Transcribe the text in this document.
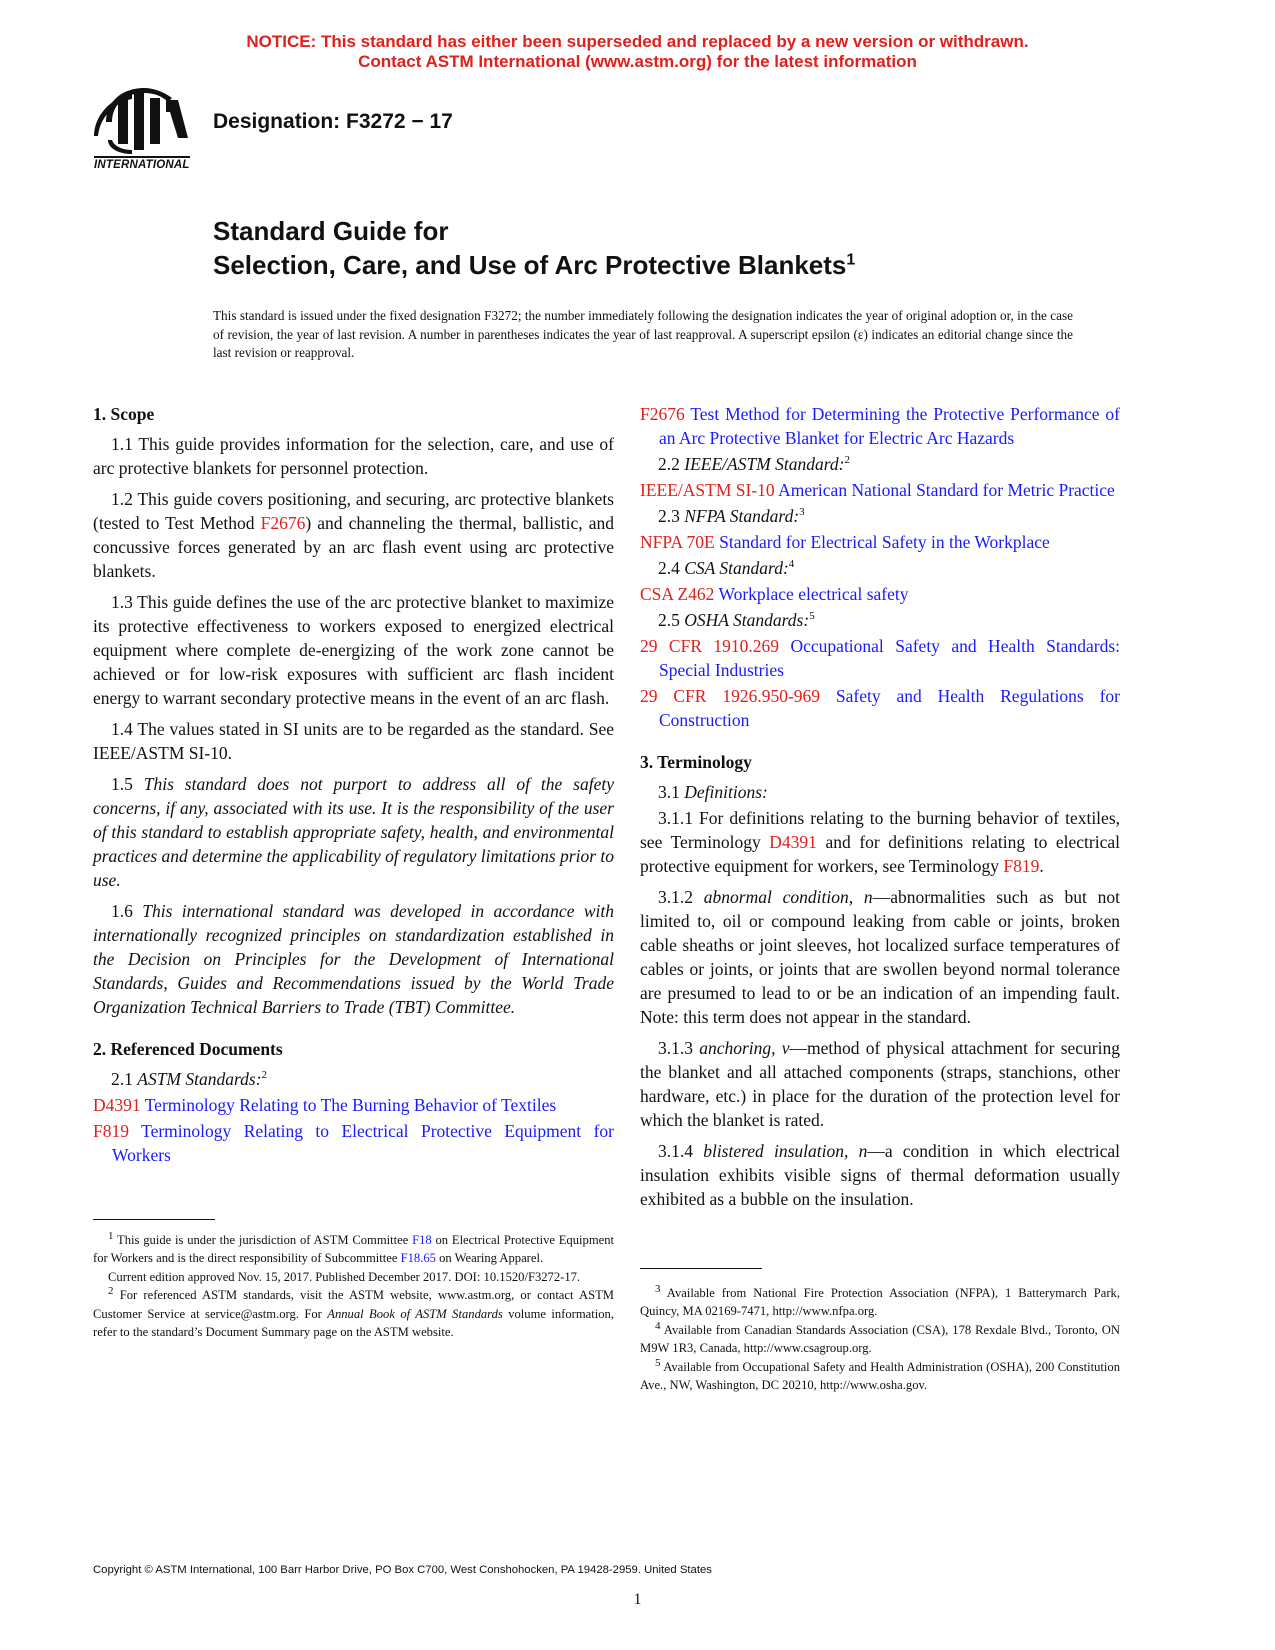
NOTICE: This standard has either been superseded and replaced by a new version or withdrawn.
Contact ASTM International (www.astm.org) for the latest information
INTERNATIONAL
Designation: F3272 − 17
Standard Guide for
Selection, Care, and Use of Arc Protective Blankets$^1$
This standard is issued under the fixed designation F3272; the number immediately following the designation indicates the year of original adoption or, in the case of revision, the year of last revision. A number in parentheses indicates the year of last reapproval. A superscript epsilon (ε) indicates an editorial change since the last revision or reapproval.
1. Scope

1.1 This guide provides information for the selection, care, and use of arc protective blankets for personnel protection.

1.2 This guide covers positioning, and securing, arc protective blankets (tested to Test Method F2676) and channeling the thermal, ballistic, and concussive forces generated by an arc flash event using arc protective blankets.

1.3 This guide defines the use of the arc protective blanket to maximize its protective effectiveness to workers exposed to energized electrical equipment where complete de-energizing of the work zone cannot be achieved or for low-risk exposures with sufficient arc flash incident energy to warrant secondary protective means in the event of an arc flash.

1.4 The values stated in SI units are to be regarded as the standard. See IEEE/ASTM SI-10.

1.5 This standard does not purport to address all of the safety concerns, if any, associated with its use. It is the responsibility of the user of this standard to establish appropriate safety, health, and environmental practices and determine the applicability of regulatory limitations prior to use.

1.6 This international standard was developed in accordance with internationally recognized principles on standardization established in the Decision on Principles for the Development of International Standards, Guides and Recommendations issued by the World Trade Organization Technical Barriers to Trade (TBT) Committee.

2. Referenced Documents
2.1 ASTM Standards:$^2$
D4391 Terminology Relating to The Burning Behavior of Textiles
F819 Terminology Relating to Electrical Protective Equipment for Workers

$^1$ This guide is under the jurisdiction of ASTM Committee F18 on Electrical Protective Equipment for Workers and is the direct responsibility of Subcommittee F18.65 on Wearing Apparel.

Current edition approved Nov. 15, 2017. Published December 2017. DOI: 10.1520/F3272-17.

$^2$ For referenced ASTM standards, visit the ASTM website, www.astm.org, or contact ASTM Customer Service at service@astm.org. For Annual Book of ASTM Standards volume information, refer to the standard’s Document Summary page on the ASTM website.

F2676 Test Method for Determining the Protective Performance of an Arc Protective Blanket for Electric Arc Hazards
2.2 IEEE/ASTM Standard:$^2$
IEEE/ASTM SI-10 American National Standard for Metric Practice
2.3 NFPA Standard:$^3$
NFPA 70E Standard for Electrical Safety in the Workplace
2.4 CSA Standard:$^4$
CSA Z462 Workplace electrical safety
2.5 OSHA Standards:$^5$
29 CFR 1910.269 Occupational Safety and Health Standards: Special Industries
29 CFR 1926.950-969 Safety and Health Regulations for Construction
3. Terminology
3.1 Definitions:

3.1.1 For definitions relating to the burning behavior of textiles, see Terminology D4391 and for definitions relating to electrical protective equipment for workers, see Terminology F819.

3.1.2 abnormal condition, n—abnormalities such as but not limited to, oil or compound leaking from cable or joints, broken cable sheaths or joint sleeves, hot localized surface temperatures of cables or joints, or joints that are swollen beyond normal tolerance are presumed to lead to or be an indication of an impending fault. Note: this term does not appear in the standard.

3.1.3 anchoring, v—method of physical attachment for securing the blanket and all attached components (straps, stanchions, other hardware, etc.) in place for the duration of the protection level for which the blanket is rated.

3.1.4 blistered insulation, n—a condition in which electrical insulation exhibits visible signs of thermal deformation usually exhibited as a bubble on the insulation.

$^3$ Available from National Fire Protection Association (NFPA), 1 Batterymarch Park, Quincy, MA 02169-7471, http://www.nfpa.org.

$^4$ Available from Canadian Standards Association (CSA), 178 Rexdale Blvd., Toronto, ON M9W 1R3, Canada, http://www.csagroup.org.

$^5$ Available from Occupational Safety and Health Administration (OSHA), 200 Constitution Ave., NW, Washington, DC 20210, http://www.osha.gov.

Copyright © ASTM International, 100 Barr Harbor Drive, PO Box C700, West Conshohocken, PA 19428-2959. United States
1
